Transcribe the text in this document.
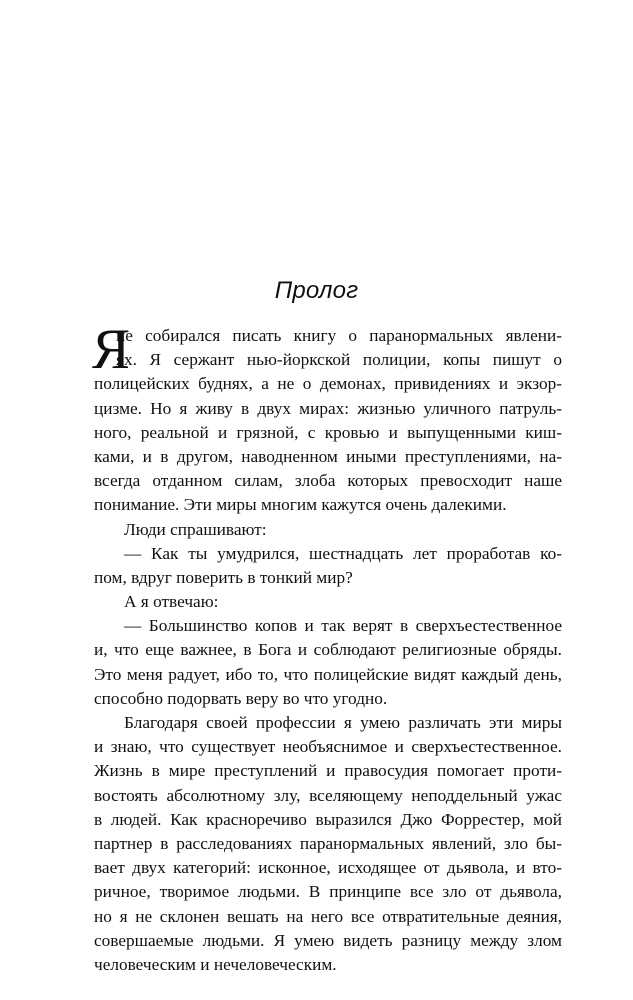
Пролог
Я
не собирался писать книгу о паранормальных явлени-
ях. Я сержант нью-йоркской полиции, копы пишут о
полицейских буднях, а не о демонах, привидениях и экзор-
цизме. Но я живу в двух мирах: жизнью уличного патруль-
ного, реальной и грязной, с кровью и выпущенными киш-
ками, и в другом, наводненном иными преступлениями, на-
всегда отданном силам, злоба которых превосходит наше
понимание. Эти миры многим кажутся очень далекими.
Люди спрашивают:
— Как ты умудрился, шестнадцать лет проработав ко-
пом, вдруг поверить в тонкий мир?
А я отвечаю:
— Большинство копов и так верят в сверхъестественное
и, что еще важнее, в Бога и соблюдают религиозные обряды.
Это меня радует, ибо то, что полицейские видят каждый день,
способно подорвать веру во что угодно.
Благодаря своей профессии я умею различать эти миры
и знаю, что существует необъяснимое и сверхъестественное.
Жизнь в мире преступлений и правосудия помогает проти-
востоять абсолютному злу, вселяющему неподдельный ужас
в людей. Как красноречиво выразился Джо Форрестер, мой
партнер в расследованиях паранормальных явлений, зло бы-
вает двух категорий: исконное, исходящее от дьявола, и вто-
ричное, творимое людьми. В принципе все зло от дьявола,
но я не склонен вешать на него все отвратительные деяния,
совершаемые людьми. Я умею видеть разницу между злом
человеческим и нечеловеческим.
